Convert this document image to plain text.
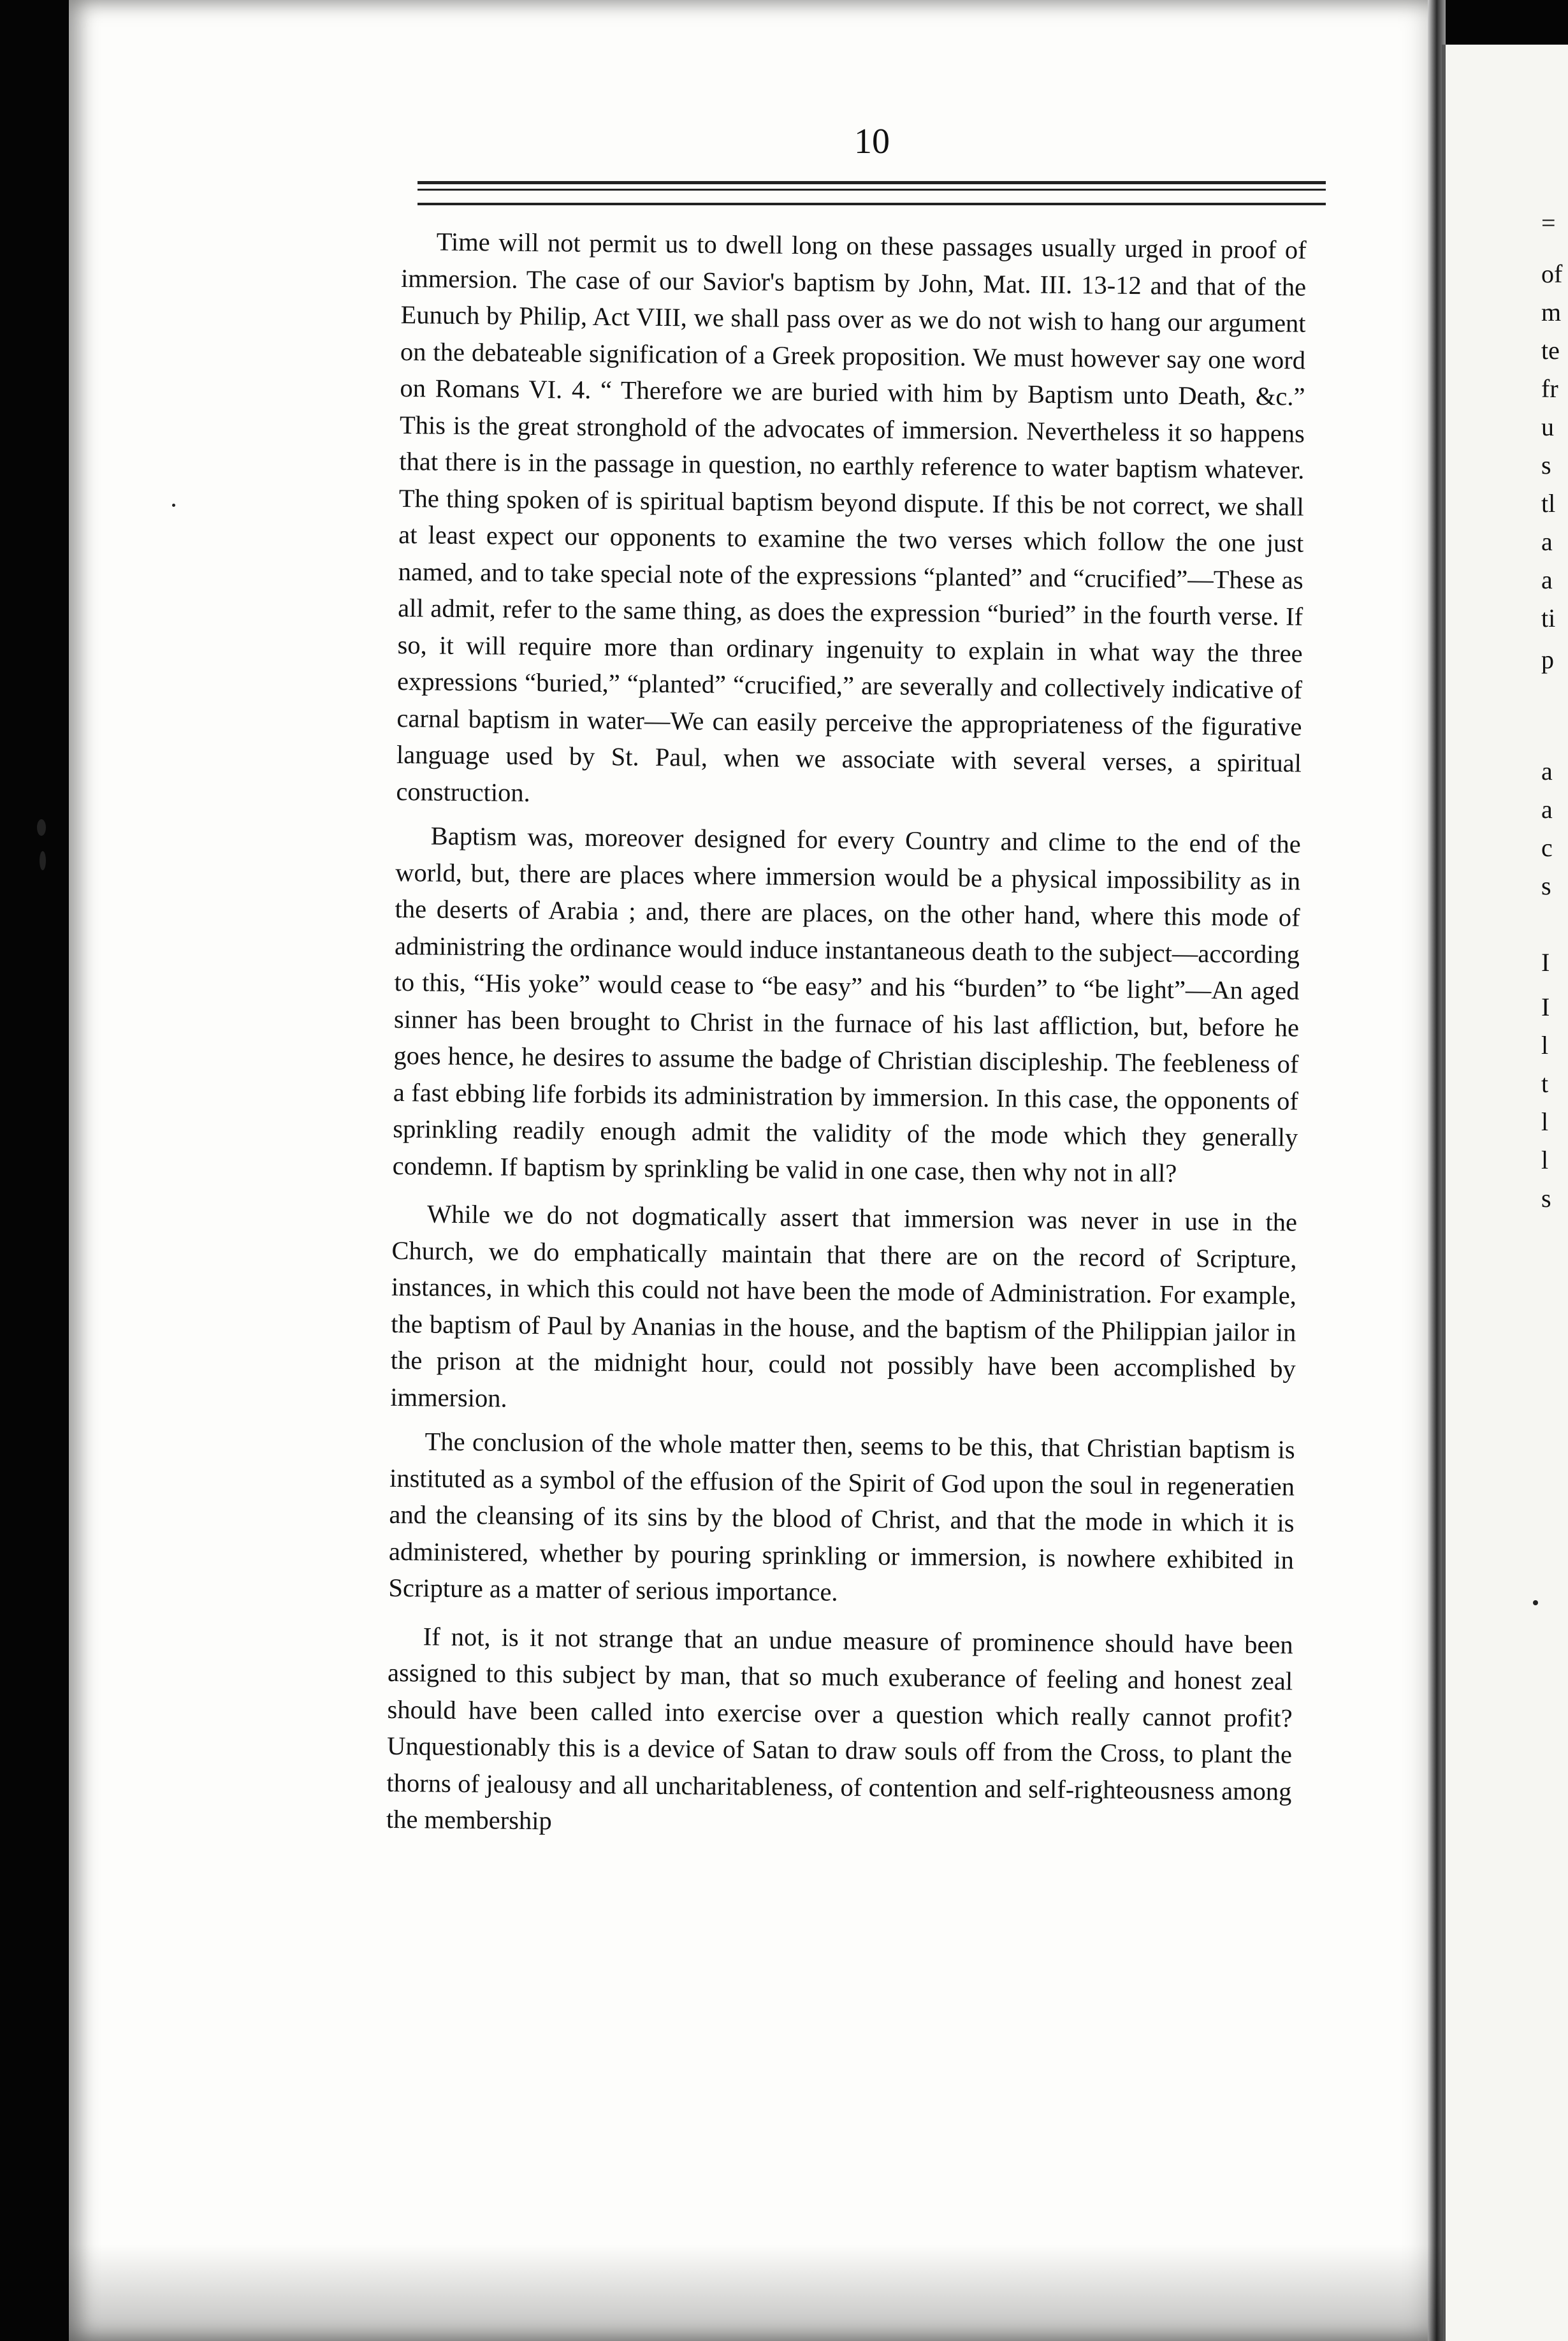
=
of
m
te
fr
u
s
tl
a
a
ti
p
a
a
c
s
I
I
l
t
l
l
s
10

Time will not permit us to dwell long on these passages usually urged in proof of immersion. The case of our Savior's baptism by John, Mat. III. 13-12 and that of the Eunuch by Philip, Act VIII, we shall pass over as we do not wish to hang our argument on the debateable signification of a Greek proposition. We must however say one word on Romans VI. 4. “ Therefore we are buried with him by Baptism unto Death, &c.” This is the great stronghold of the advocates of immersion. Nevertheless it so happens that there is in the passage in question, no earthly reference to water baptism whatever. The thing spoken of is spiritual baptism beyond dispute. If this be not correct, we shall at least expect our opponents to examine the two verses which follow the one just named, and to take special note of the expressions “planted” and “crucified”—These as all admit, refer to the same thing, as does the expression “buried” in the fourth verse. If so, it will require more than ordinary ingenuity to explain in what way the three expressions “buried,” “planted” “crucified,” are severally and collectively indicative of carnal baptism in water—We can easily perceive the appropriateness of the figurative language used by St. Paul, when we associate with several verses, a spiritual construction.

Baptism was, moreover designed for every Country and clime to the end of the world, but, there are places where immersion would be a physical impossibility as in the deserts of Arabia ; and, there are places, on the other hand, where this mode of administring the ordinance would induce instantaneous death to the subject—according to this, “His yoke” would cease to “be easy” and his “burden” to “be light”—An aged sinner has been brought to Christ in the furnace of his last affliction, but, before he goes hence, he desires to assume the badge of Christian discipleship. The feebleness of a fast ebbing life forbids its administration by immersion. In this case, the opponents of sprinkling readily enough admit the validity of the mode which they generally condemn. If baptism by sprinkling be valid in one case, then why not in all?

While we do not dogmatically assert that immersion was never in use in the Church, we do emphatically maintain that there are on the record of Scripture, instances, in which this could not have been the mode of Administration. For example, the baptism of Paul by Ananias in the house, and the baptism of the Philippian jailor in the prison at the midnight hour, could not possibly have been accomplished by immersion.

The conclusion of the whole matter then, seems to be this, that Christian baptism is instituted as a symbol of the effusion of the Spirit of God upon the soul in regeneratien and the cleansing of its sins by the blood of Christ, and that the mode in which it is administered, whether by pouring sprinkling or immersion, is nowhere exhibited in Scripture as a matter of serious importance.

If not, is it not strange that an undue measure of prominence should have been assigned to this subject by man, that so much exuberance of feeling and honest zeal should have been called into exercise over a question which really cannot profit? Unquestionably this is a device of Satan to draw souls off from the Cross, to plant the thorns of jealousy and all uncharitableness, of contention and self-righteousness among the membership
